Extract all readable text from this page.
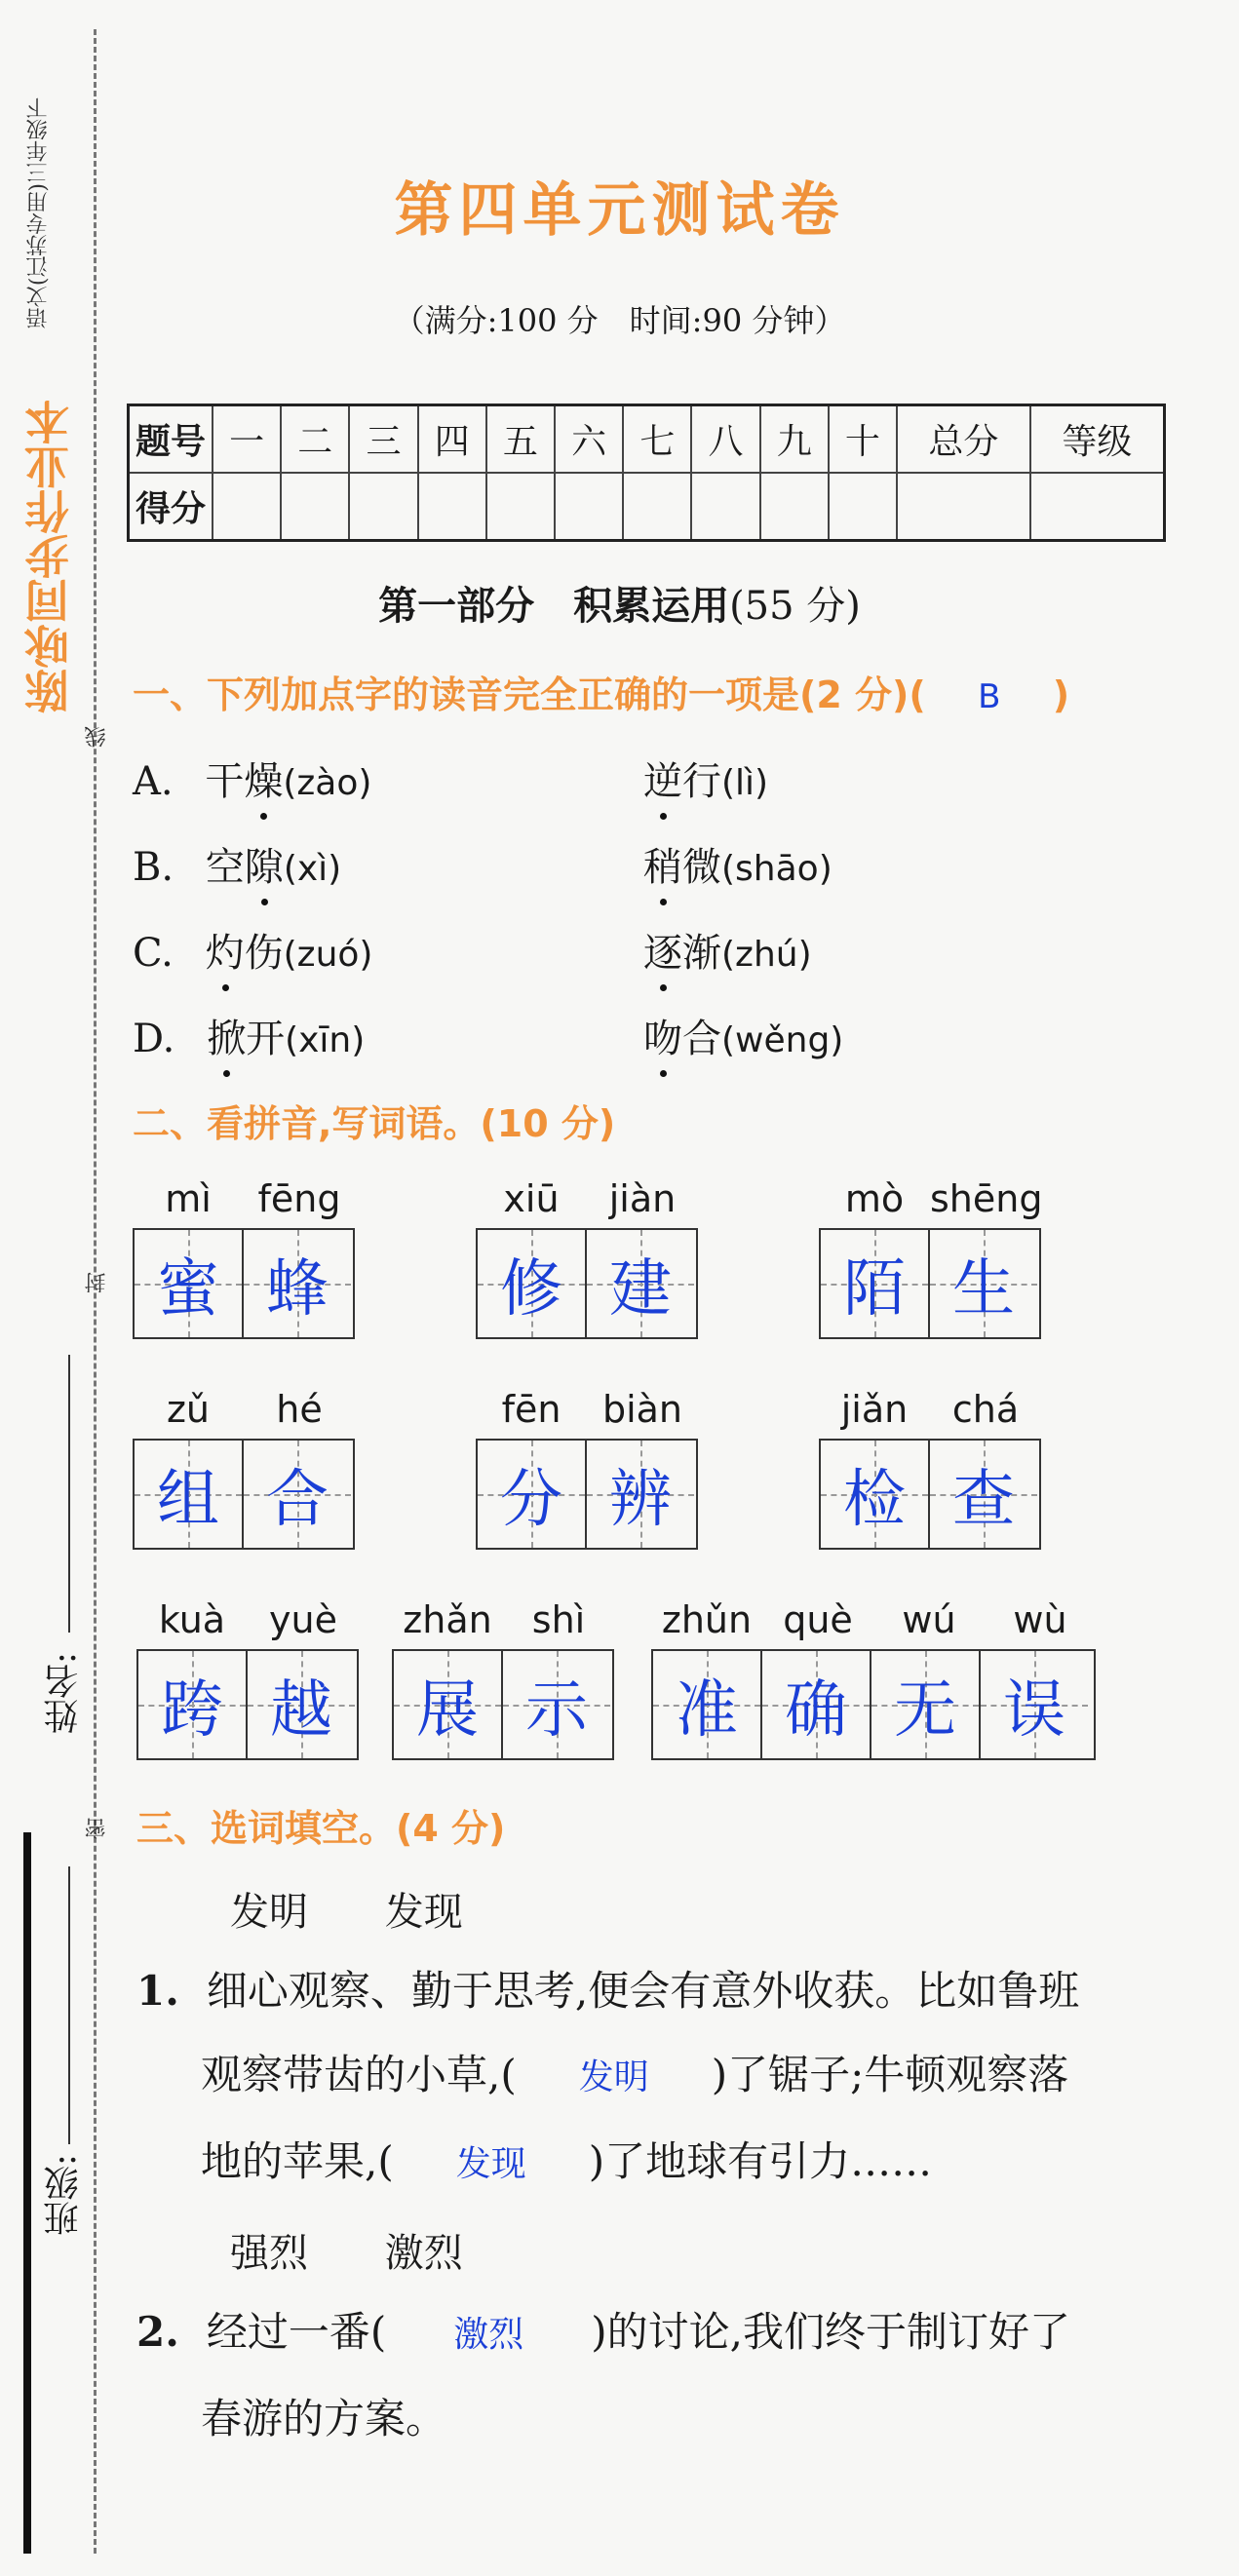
陈咏同步作业本
语文(江苏专用)三年级下
线
封
密
姓名:
班级:
第四单元测试卷
（满分:100 分　时间:90 分钟）
题号	一	二	三	四	五	六	七	八	九	十	总分	等级
得分												
第一部分　积累运用(55 分)
一、下列加点字的读音完全正确的一项是(2 分)( B )
A. 干燥(zào)	逆行(lì)
B. 空隙(xì)	稍微(shāo)
C. 灼伤(zuó)	逐渐(zhú)
D. 掀开(xīn)	吻合(wěng)
二、看拼音,写词语。(10 分)
mì	fēng
蜜 蜂
xiū	jiàn
修 建
mò shēng
陌 生
zǔ	hé
组 合
fēn	biàn
分 辨
jiǎn	chá
检 查
kuà	yuè
跨 越
zhǎn	shì
展 示
zhǔn què	wú	wù
准 确 无 误
三、选词填空。(4 分)
发明 发现
1. 细心观察、勤于思考,便会有意外收获。比如鲁班
观察带齿的小草,( 发明 )了锯子;牛顿观察落
地的苹果,( 发现 )了地球有引力……
强烈 激烈
2. 经过一番( 激烈 )的讨论,我们终于制订好了
春游的方案。
